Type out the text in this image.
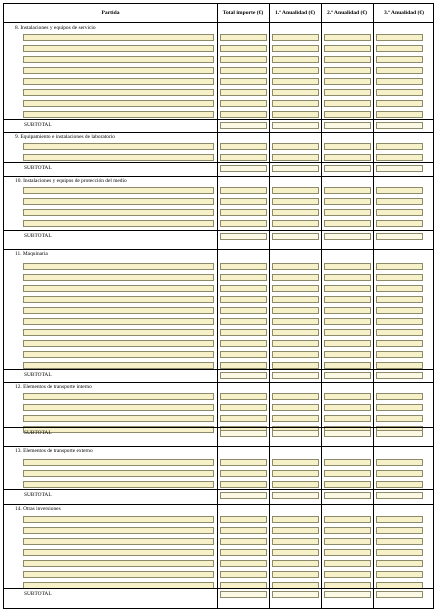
Partida	Total importe (€)	1.ª Anualidad (€)	2.ª Anualidad (€)	3.ª Anualidad (€)
8. Instalaciones y equipos de servicio
SUBTOTAL
9. Equipamiento e instalaciones de laboratorio
SUBTOTAL
10. Instalaciones y equipos de protección del medio
SUBTOTAL
11. Maquinaria
SUBTOTAL
12. Elementos de transporte interno
SUBTOTAL
13. Elementos de transporte externo
SUBTOTAL
14. Otras inversiones
SUBTOTAL
